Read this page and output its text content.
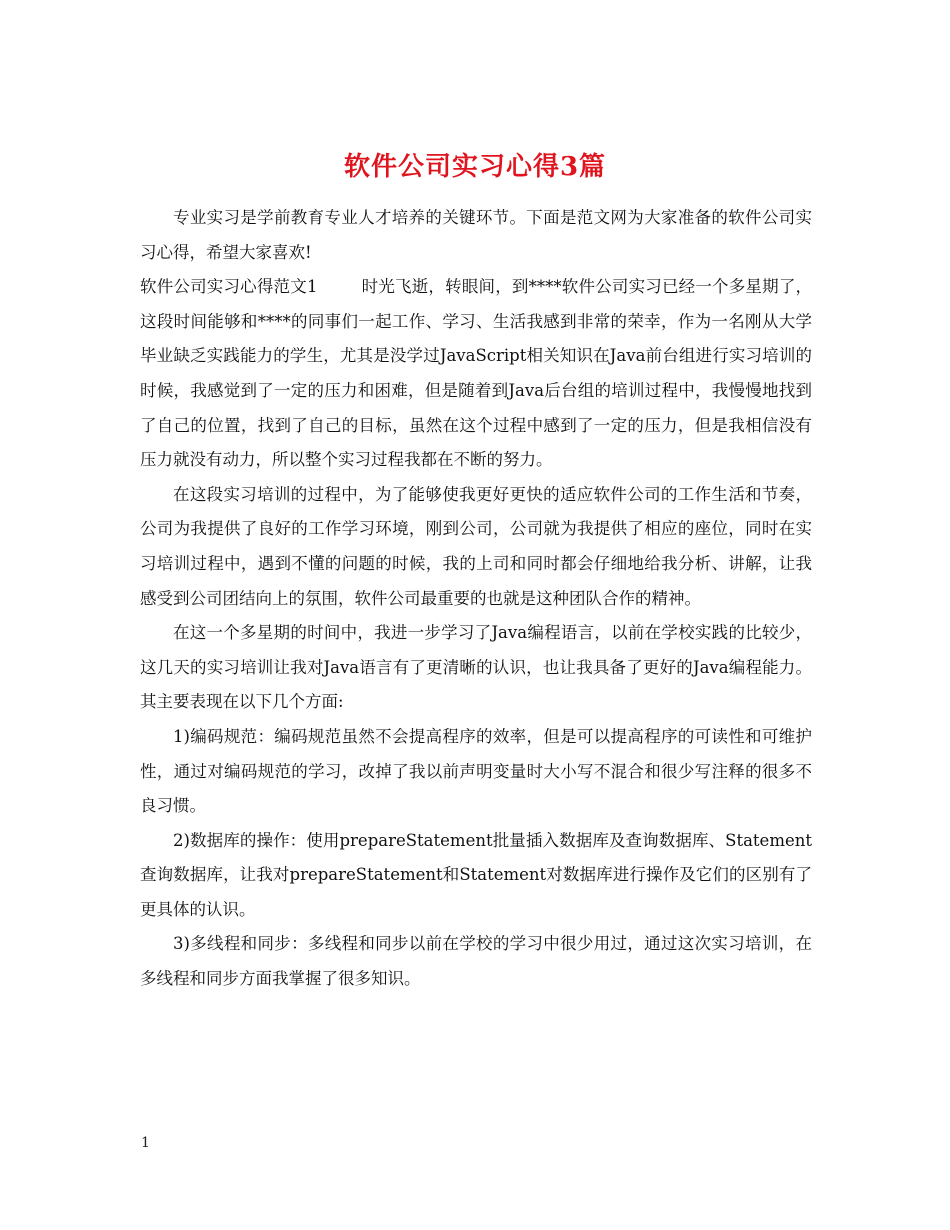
软件公司实习心得3篇

专业实习是学前教育专业人才培养的关键环节。下面是范文网为大家准备的软件公司实习心得，希望大家喜欢!

软件公司实习心得范文1	时光飞逝，转眼间，到****软件公司实习已经一个多星期了，这段时间能够和****的同事们一起工作、学习、生活我感到非常的荣幸，作为一名刚从大学毕业缺乏实践能力的学生，尤其是没学过JavaScript相关知识在Java前台组进行实习培训的时候，我感觉到了一定的压力和困难，但是随着到Java后台组的培训过程中，我慢慢地找到了自己的位置，找到了自己的目标，虽然在这个过程中感到了一定的压力，但是我相信没有压力就没有动力，所以整个实习过程我都在不断的努力。

在这段实习培训的过程中，为了能够使我更好更快的适应软件公司的工作生活和节奏，公司为我提供了良好的工作学习环境，刚到公司，公司就为我提供了相应的座位，同时在实习培训过程中，遇到不懂的问题的时候，我的上司和同时都会仔细地给我分析、讲解，让我感受到公司团结向上的氛围，软件公司最重要的也就是这种团队合作的精神。

在这一个多星期的时间中，我进一步学习了Java编程语言，以前在学校实践的比较少，这几天的实习培训让我对Java语言有了更清晰的认识，也让我具备了更好的Java编程能力。其主要表现在以下几个方面:

1)编码规范：编码规范虽然不会提高程序的效率，但是可以提高程序的可读性和可维护性，通过对编码规范的学习，改掉了我以前声明变量时大小写不混合和很少写注释的很多不良习惯。

2)数据库的操作：使用prepareStatement批量插入数据库及查询数据库、Statement查询数据库，让我对prepareStatement和Statement对数据库进行操作及它们的区别有了更具体的认识。

3)多线程和同步：多线程和同步以前在学校的学习中很少用过，通过这次实习培训，在多线程和同步方面我掌握了很多知识。

1
